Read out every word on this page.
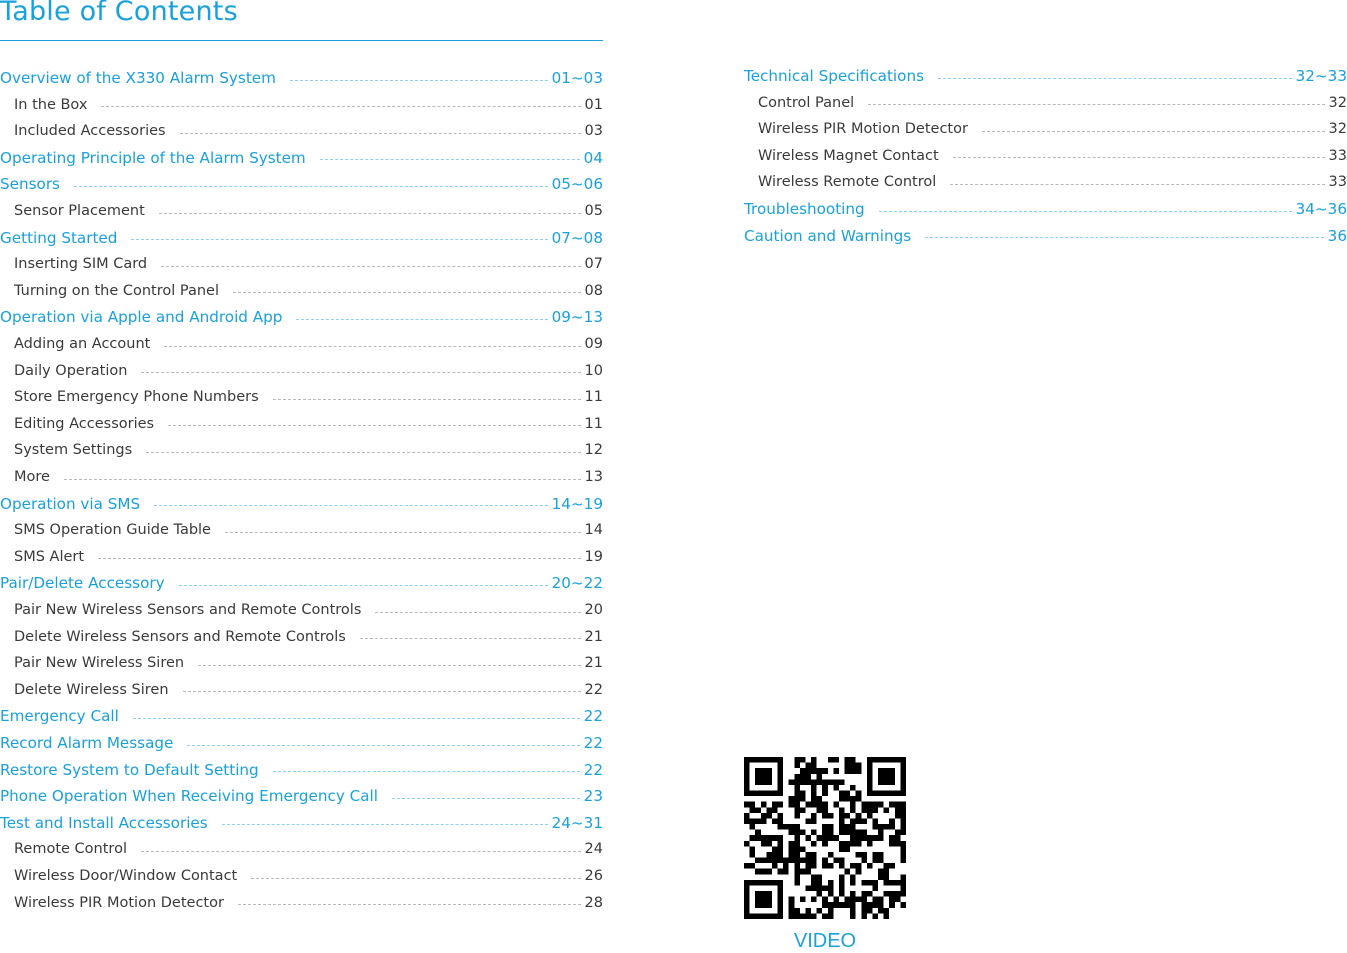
Table of Contents
Overview of the X330 Alarm System	01~03
In the Box	01
Included Accessories	03
Operating Principle of the Alarm System	04
Sensors	05~06
Sensor Placement	05
Getting Started	07~08
Inserting SIM Card	07
Turning on the Control Panel	08
Operation via Apple and Android App	09~13
Adding an Account	09
Daily Operation	10
Store Emergency Phone Numbers	11
Editing Accessories	11
System Settings	12
More	13
Operation via SMS	14~19
SMS Operation Guide Table	14
SMS Alert	19
Pair/Delete Accessory	20~22
Pair New Wireless Sensors and Remote Controls	20
Delete Wireless Sensors and Remote Controls	21
Pair New Wireless Siren	21
Delete Wireless Siren	22
Emergency Call	22
Record Alarm Message	22
Restore System to Default Setting	22
Phone Operation When Receiving Emergency Call	23
Test and Install Accessories	24~31
Remote Control	24
Wireless Door/Window Contact	26
Wireless PIR Motion Detector	28
Technical Specifications	32~33
Control Panel	32
Wireless PIR Motion Detector	32
Wireless Magnet Contact	33
Wireless Remote Control	33
Troubleshooting	34~36
Caution and Warnings	36
VIDEO
